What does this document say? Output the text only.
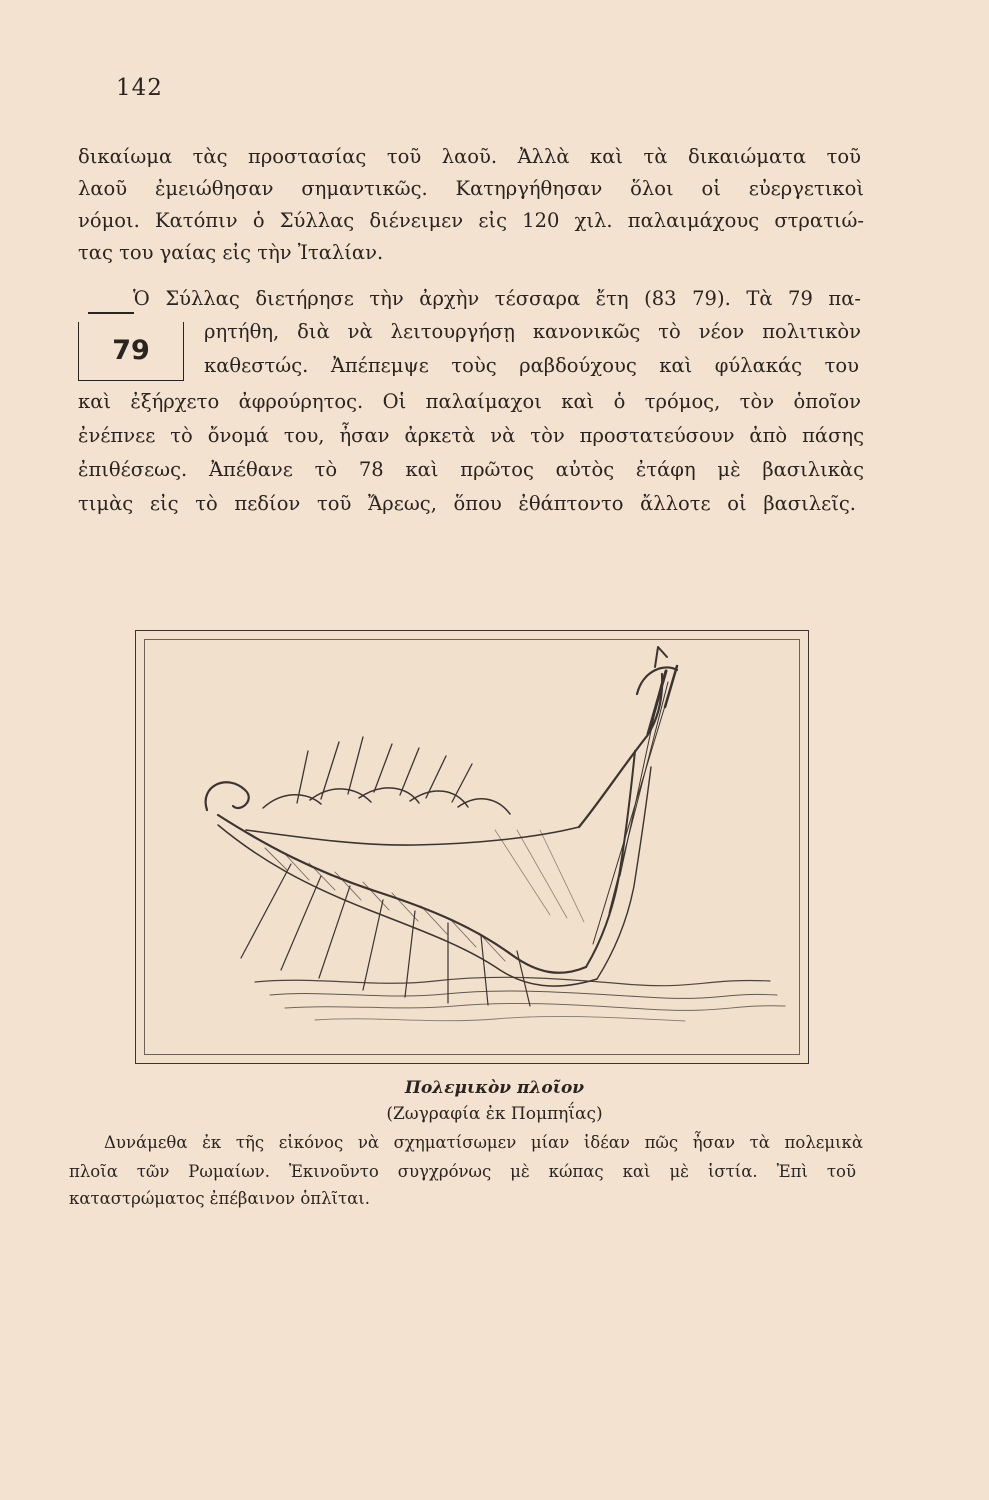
142
δικαίωμα τὰς προστασίας τοῦ λαοῦ. Ἀλλὰ καὶ τὰ δικαιώματα τοῦ
λαοῦ ἐμειώθησαν σημαντικῶς. Κατηργήθησαν ὅλοι οἱ εὐεργετικοὶ
νόμοι. Κατόπιν ὁ Σύλλας διένειμεν εἰς 120 χιλ. παλαιμάχους στρατιώ-
τας του γαίας εἰς τὴν Ἰταλίαν.
Ὁ Σύλλας διετήρησε τὴν ἀρχὴν τέσσαρα ἔτη (83 79). Τὰ 79 πα-
79
ρητήθη, διὰ νὰ λειτουργήσῃ κανονικῶς τὸ νέον πολιτικὸν
καθεστώς. Ἀπέπεμψε τοὺς ραβδούχους καὶ φύλακάς του
καὶ ἐξήρχετο ἀφρούρητος. Οἱ παλαίμαχοι καὶ ὁ τρόμος, τὸν ὁποῖον
ἐνέπνεε τὸ ὄνομά του, ἦσαν ἀρκετὰ νὰ τὸν προστατεύσουν ἀπὸ πάσης
ἐπιθέσεως. Ἀπέθανε τὸ 78 καὶ πρῶτος αὐτὸς ἐτάφη μὲ βασιλικὰς
τιμὰς εἰς τὸ πεδίον τοῦ Ἄρεως, ὅπου ἐθάπτοντο ἄλλοτε οἱ βασιλεῖς.
Πολεμικὸν πλοῖον
(Ζωγραφία ἐκ Πομπηΐας)
Δυνάμεθα ἐκ τῆς εἰκόνος νὰ σχηματίσωμεν μίαν ἰδέαν πῶς ἦσαν τὰ πολεμικὰ
πλοῖα τῶν Ρωμαίων. Ἐκινοῦντο συγχρόνως μὲ κώπας καὶ μὲ ἱστία. Ἐπὶ τοῦ
καταστρώματος ἐπέβαινον ὁπλῖται.
